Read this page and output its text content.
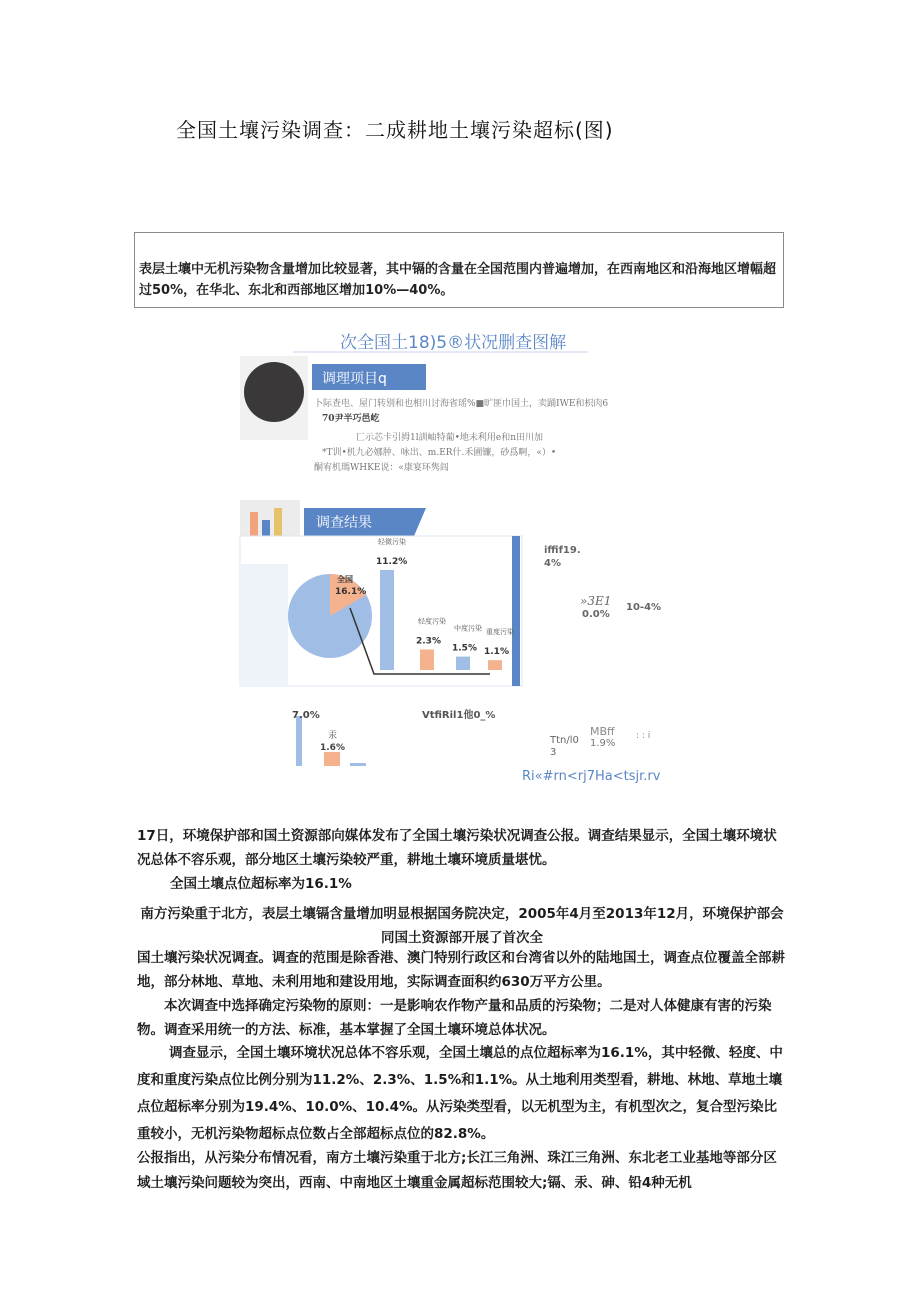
全国土壤污染调查：二成耕地土壤污染超标(图)
表层土壤中无机污染物含量增加比较显著，其中镉的含量在全国范围内普遍增加，在西南地区和沿海地区增幅超过50%，在华北、东北和西部地区增加10%—40%。
次全国土18)5®状况删查图解
调理项目q
卜际查电、屋门转别和也相川讨海省瑶%■旷匪巾国土，卖踊IWE和枳肉6
70尹半巧邑屹
匚示芯卡引拇1l訓岫特葡•地未利用e和n田川加
*T训•机九必娜肿、咏出、m.ER什.禾圃镰，砂爲啊，«）•
酮宥机瑪WHKE说：«康宴环隽闾
调查结果
全国
16.1%
轻微污染
11.2%
轻度污染
2.3%
中度污染
1.5%
重度污染
1.1%
iffif19.
4%
»3E1
0.0%
10-4%
7.0%
汞
1.6%
VtfiRil1他0_%
Ttn/l0
3
MBff
1.9%
: : i
Ri«#rn<rj7Ha<tsjr.rv
17日，环境保护部和国土资源部向媒体发布了全国土壤污染状况调查公报。调查结果显示，全国土壤环境状况总体不容乐观，部分地区土壤污染较严重，耕地土壤环境质量堪忧。
全国土壤点位超标率为16.1%
南方污染重于北方，表层土壤镉含量增加明显根据国务院决定，2005年4月至2013年12月，环境保护部会同国土资源部开展了首次全
国土壤污染状况调查。调查的范围是除香港、澳门特别行政区和台湾省以外的陆地国土，调查点位覆盖全部耕地，部分林地、草地、未利用地和建设用地，实际调查面积约630万平方公里。
本次调查中选择确定污染物的原则：一是影响农作物产量和品质的污染物；二是对人体健康有害的污染物。调查采用统一的方法、标准，基本掌握了全国土壤环境总体状况。
调查显示，全国土壤环境状况总体不容乐观，全国土壤总的点位超标率为16.1%，其中轻微、轻度、中度和重度污染点位比例分别为11.2%、2.3%、1.5%和1.1%。从土地利用类型看，耕地、林地、草地土壤点位超标率分别为19.4%、10.0%、10.4%。从污染类型看，以无机型为主，有机型次之，复合型污染比重较小，无机污染物超标点位数占全部超标点位的82.8%。
公报指出，从污染分布情况看，南方土壤污染重于北方;长江三角洲、珠江三角洲、东北老工业基地等部分区域土壤污染问题较为突出，西南、中南地区土壤重金属超标范围较大;镉、汞、砷、铅4种无机
